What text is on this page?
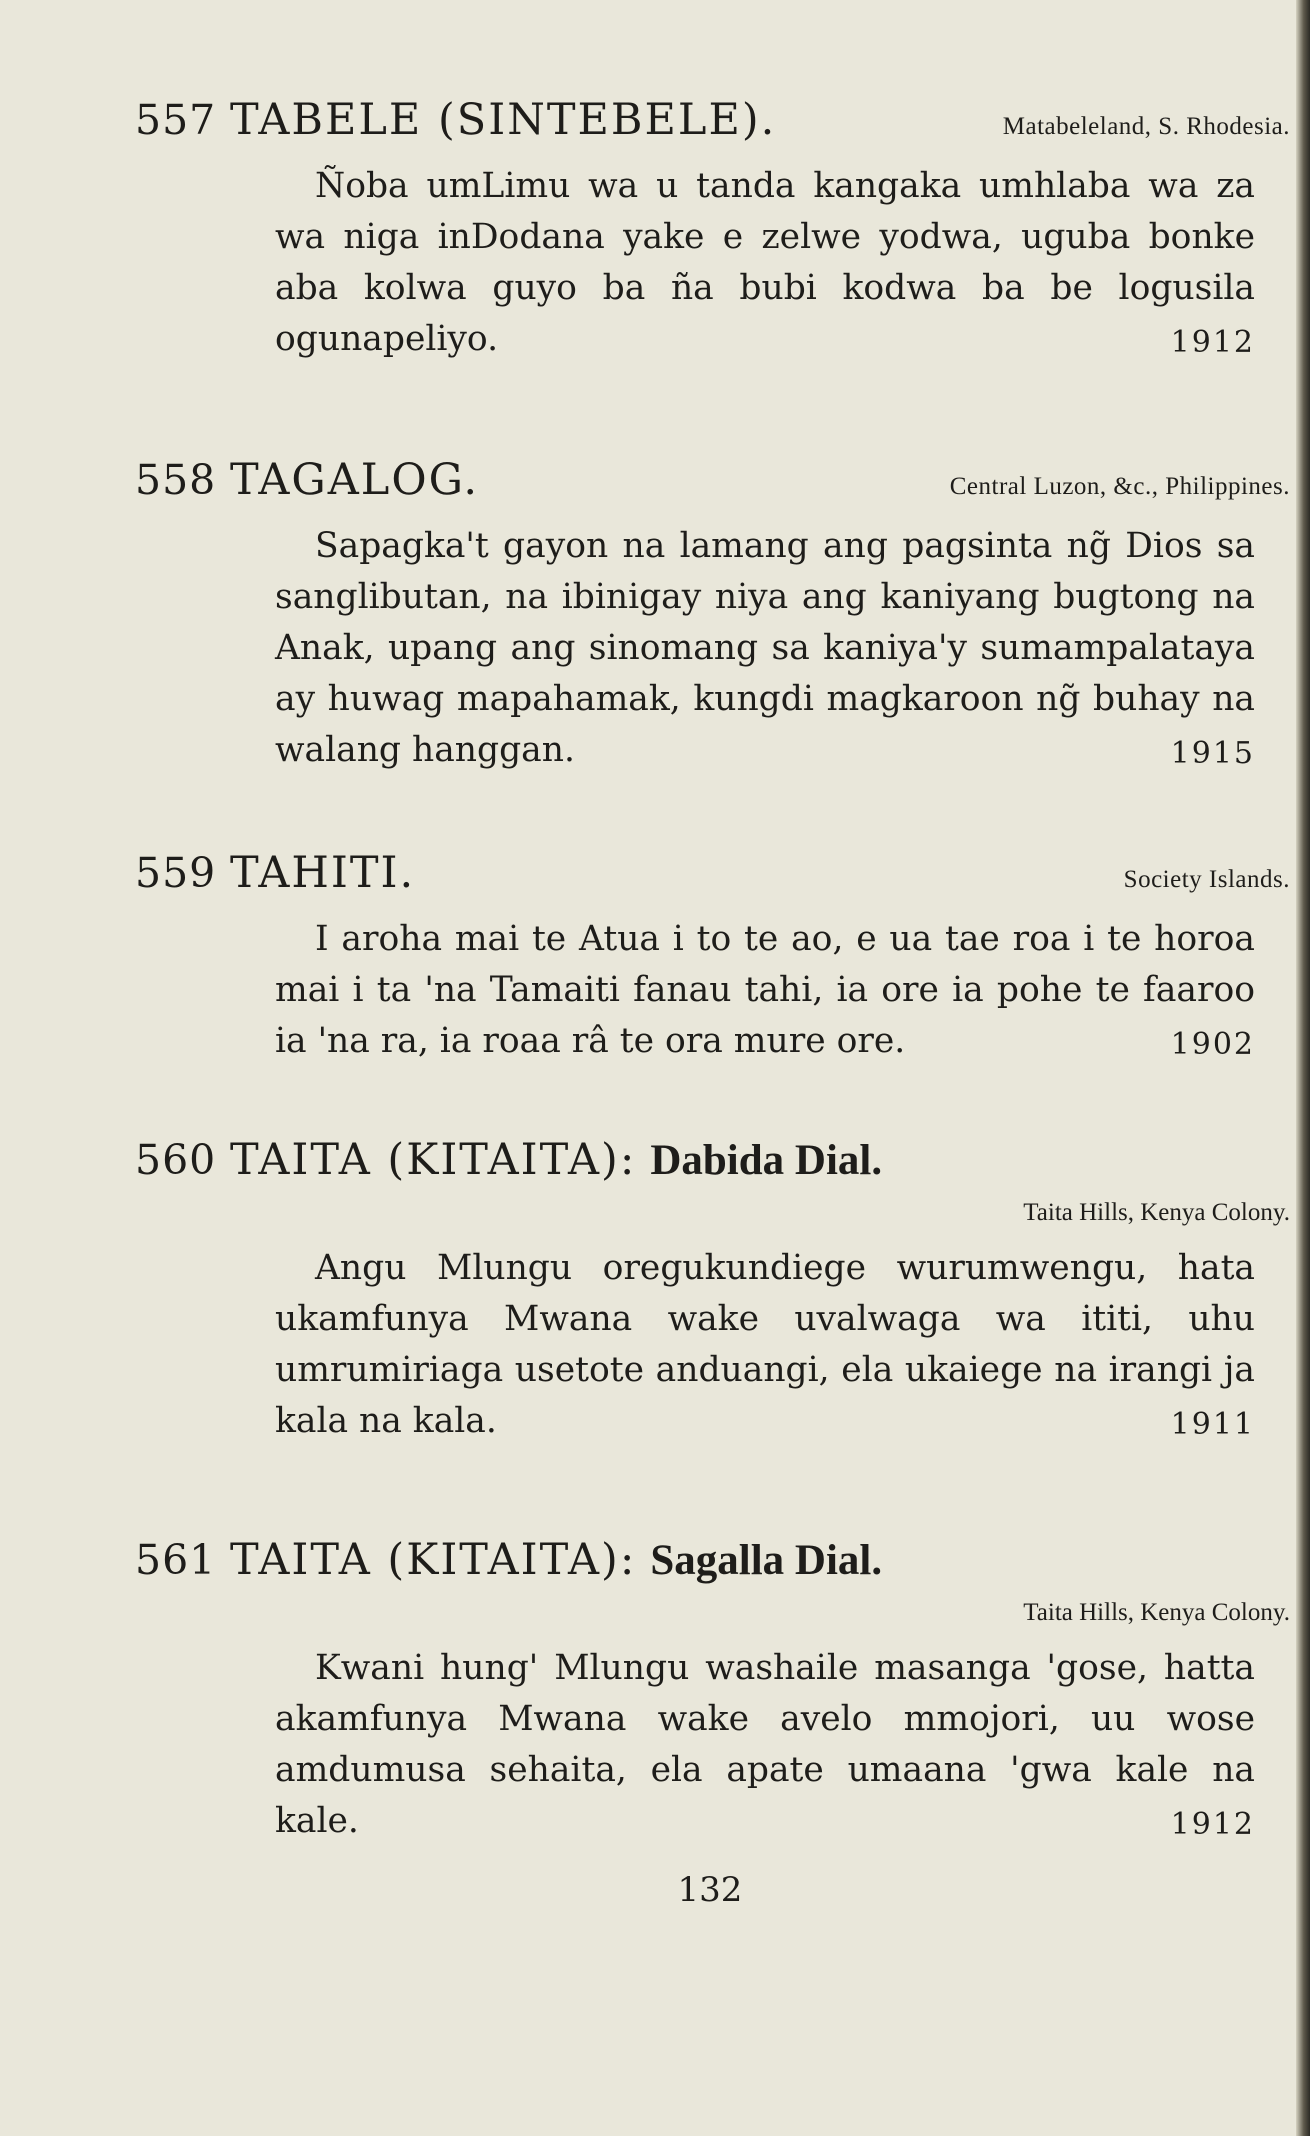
557 TABELE (SINTEBELE).	Matabeleland, S. Rhodesia.
Ñoba umLimu wa u tanda kangaka umhlaba wa za wa niga inDodana yake e zelwe yodwa, uguba bonke aba kolwa guyo ba ña bubi kodwa ba be logusila ogunapeliyo.	1912
558 TAGALOG.	Central Luzon, &c., Philippines.
Sapagka't gayon na lamang ang pagsinta ng̃ Dios sa sanglibutan, na ibinigay niya ang kaniyang bugtong na Anak, upang ang sinomang sa kaniya'y sumampalataya ay huwag mapahamak, kungdi magkaroon ng̃ buhay na walang hanggan.	1915
559 TAHITI.	Society Islands.
I aroha mai te Atua i to te ao, e ua tae roa i te horoa mai i ta 'na Tamaiti fanau tahi, ia ore ia pohe te faaroo ia 'na ra, ia roaa râ te ora mure ore.	1902
560 TAITA (KITAITA): Dabida Dial.
Taita Hills, Kenya Colony.
Angu Mlungu oregukundiege wurumwengu, hata ukamfunya Mwana wake uvalwaga wa ititi, uhu umrumiriaga usetote anduangi, ela ukaiege na irangi ja kala na kala.	1911
561 TAITA (KITAITA): Sagalla Dial.
Taita Hills, Kenya Colony.
Kwani hung' Mlungu washaile masanga 'gose, hatta akamfunya Mwana wake avelo mmojori, uu wose amdumusa sehaita, ela apate umaana 'gwa kale na kale.	1912
132
